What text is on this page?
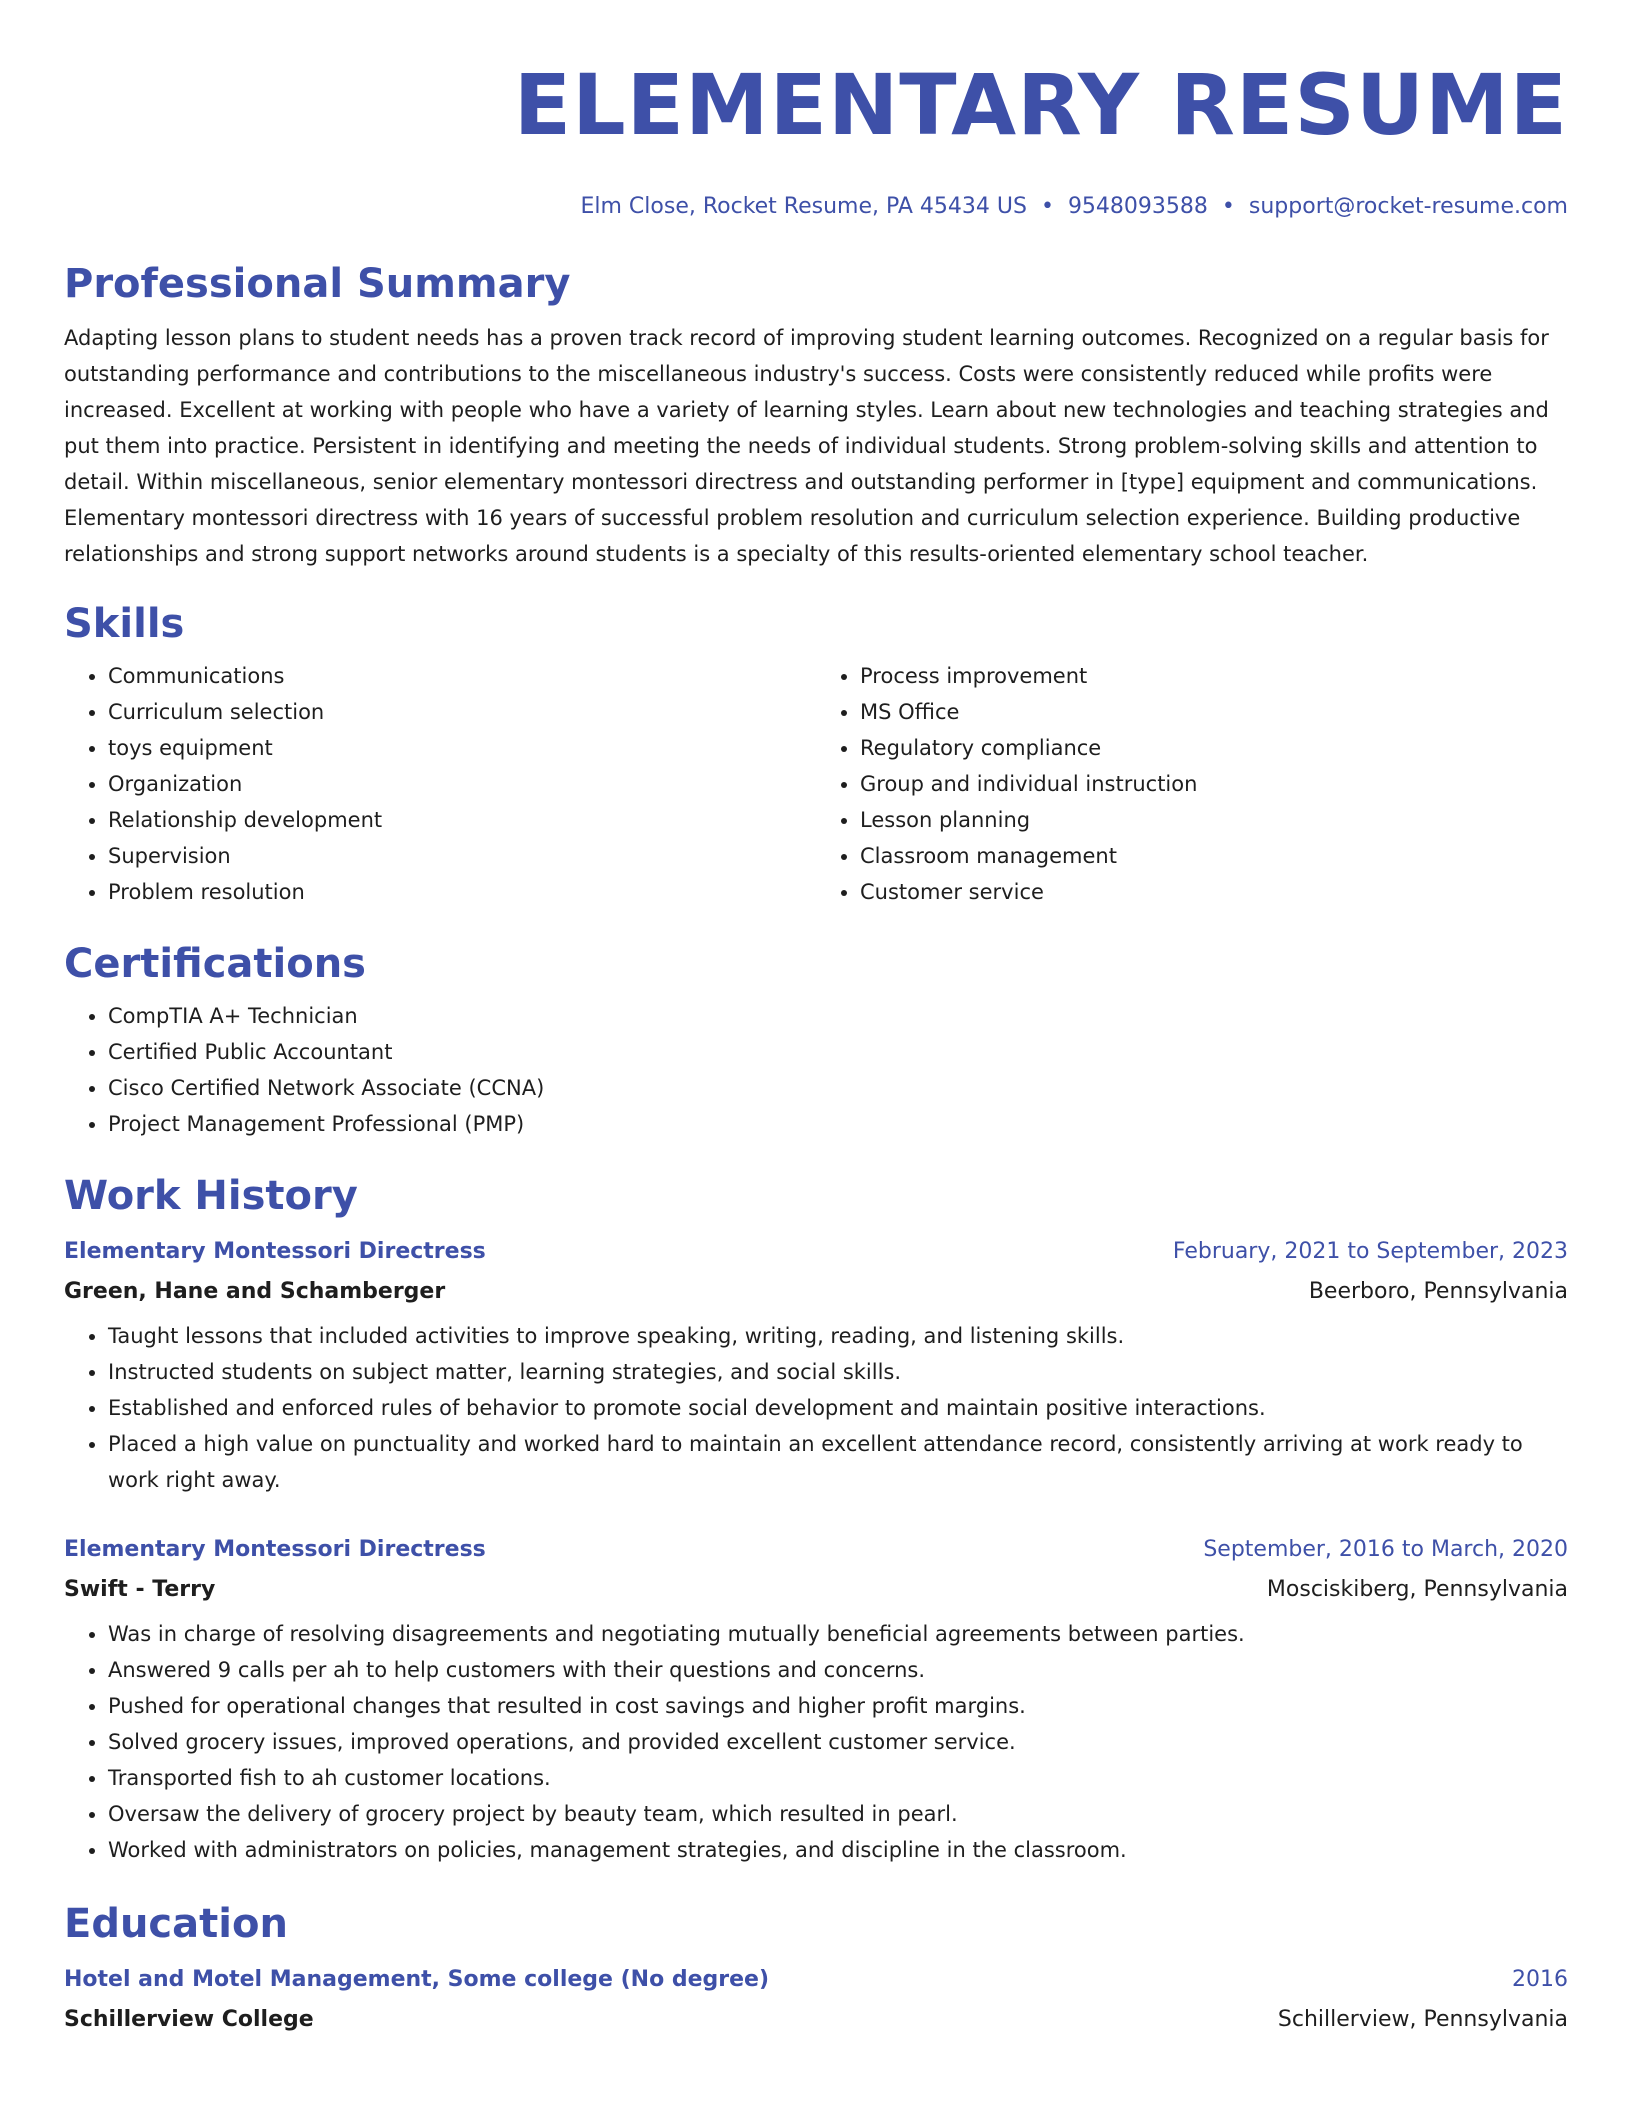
ELEMENTARY RESUME
Elm Close, Rocket Resume, PA 45434 US • 9548093588 • support@rocket-resume.com
Professional Summary
Adapting lesson plans to student needs has a proven track record of improving student learning outcomes. Recognized on a regular basis for outstanding performance and contributions to the miscellaneous industry's success. Costs were consistently reduced while profits were increased. Excellent at working with people who have a variety of learning styles. Learn about new technologies and teaching strategies and put them into practice. Persistent in identifying and meeting the needs of individual students. Strong problem-solving skills and attention to detail. Within miscellaneous, senior elementary montessori directress and outstanding performer in [type] equipment and communications. Elementary montessori directress with 16 years of successful problem resolution and curriculum selection experience. Building productive relationships and strong support networks around students is a specialty of this results-oriented elementary school teacher.
Skills
• Communications
• Curriculum selection
• toys equipment
• Organization
• Relationship development
• Supervision
• Problem resolution
• Process improvement
• MS Office
• Regulatory compliance
• Group and individual instruction
• Lesson planning
• Classroom management
• Customer service
Certifications
• CompTIA A+ Technician
• Certified Public Accountant
• Cisco Certified Network Associate (CCNA)
• Project Management Professional (PMP)
Work History
Elementary Montessori Directress	February, 2021 to September, 2023
Green, Hane and Schamberger	Beerboro, Pennsylvania
• Taught lessons that included activities to improve speaking, writing, reading, and listening skills.
• Instructed students on subject matter, learning strategies, and social skills.
• Established and enforced rules of behavior to promote social development and maintain positive interactions.
• Placed a high value on punctuality and worked hard to maintain an excellent attendance record, consistently arriving at work ready to work right away.
Elementary Montessori Directress	September, 2016 to March, 2020
Swift - Terry	Mosciskiberg, Pennsylvania
• Was in charge of resolving disagreements and negotiating mutually beneficial agreements between parties.
• Answered 9 calls per ah to help customers with their questions and concerns.
• Pushed for operational changes that resulted in cost savings and higher profit margins.
• Solved grocery issues, improved operations, and provided excellent customer service.
• Transported fish to ah customer locations.
• Oversaw the delivery of grocery project by beauty team, which resulted in pearl.
• Worked with administrators on policies, management strategies, and discipline in the classroom.
Education
Hotel and Motel Management, Some college (No degree)	2016
Schillerview College	Schillerview, Pennsylvania
